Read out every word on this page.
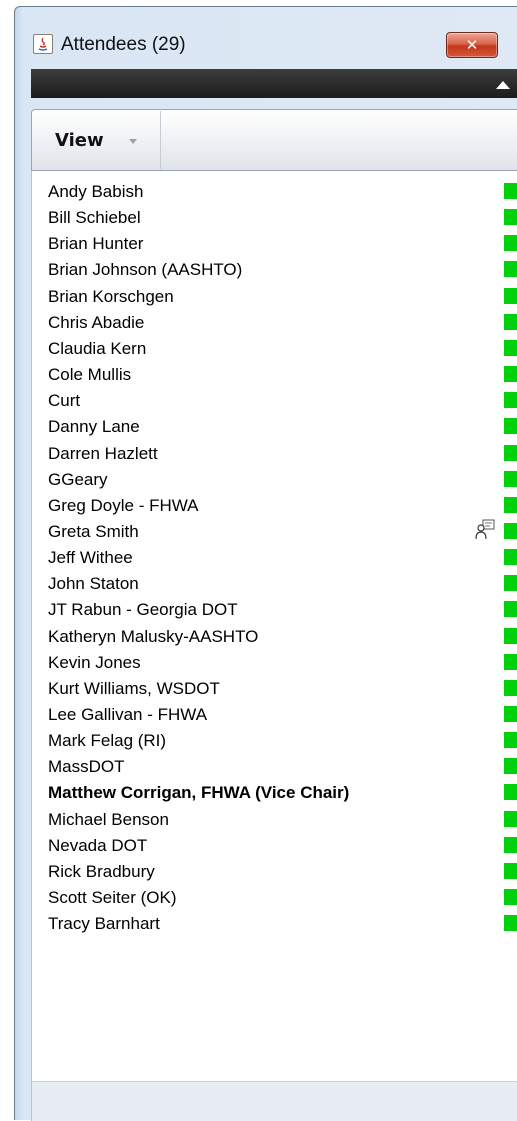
Attendees (29)	✕
View
Andy Babish
Bill Schiebel
Brian Hunter
Brian Johnson (AASHTO)
Brian Korschgen
Chris Abadie
Claudia Kern
Cole Mullis
Curt
Danny Lane
Darren Hazlett
GGeary
Greg Doyle - FHWA
Greta Smith
Jeff Withee
John Staton
JT Rabun - Georgia DOT
Katheryn Malusky-AASHTO
Kevin Jones
Kurt Williams, WSDOT
Lee Gallivan - FHWA
Mark Felag (RI)
MassDOT
Matthew Corrigan, FHWA (Vice Chair)
Michael Benson
Nevada DOT
Rick Bradbury
Scott Seiter (OK)
Tracy Barnhart
